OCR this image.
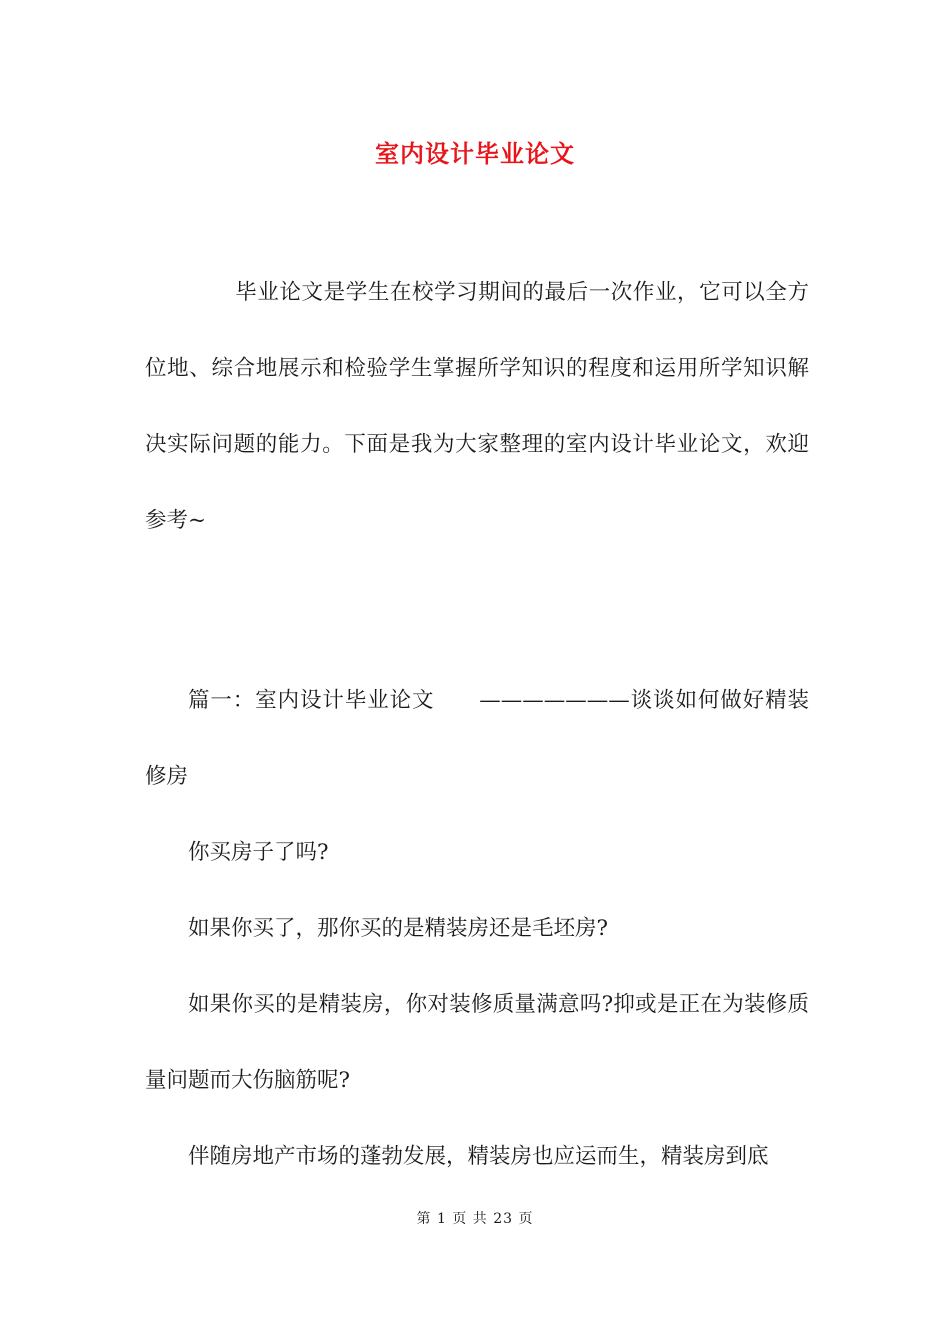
室内设计毕业论文

毕业论文是学生在校学习期间的最后一次作业，它可以全方位地、综合地展示和检验学生掌握所学知识的程度和运用所学知识解决实际问题的能力。下面是我为大家整理的室内设计毕业论文，欢迎参考~

篇一：室内设计毕业论文　　———————谈谈如何做好精装修房

你买房子了吗?

如果你买了，那你买的是精装房还是毛坯房?

如果你买的是精装房，你对装修质量满意吗?抑或是正在为装修质量问题而大伤脑筋呢?

伴随房地产市场的蓬勃发展，精装房也应运而生，精装房到底

第 1 页 共 23 页
